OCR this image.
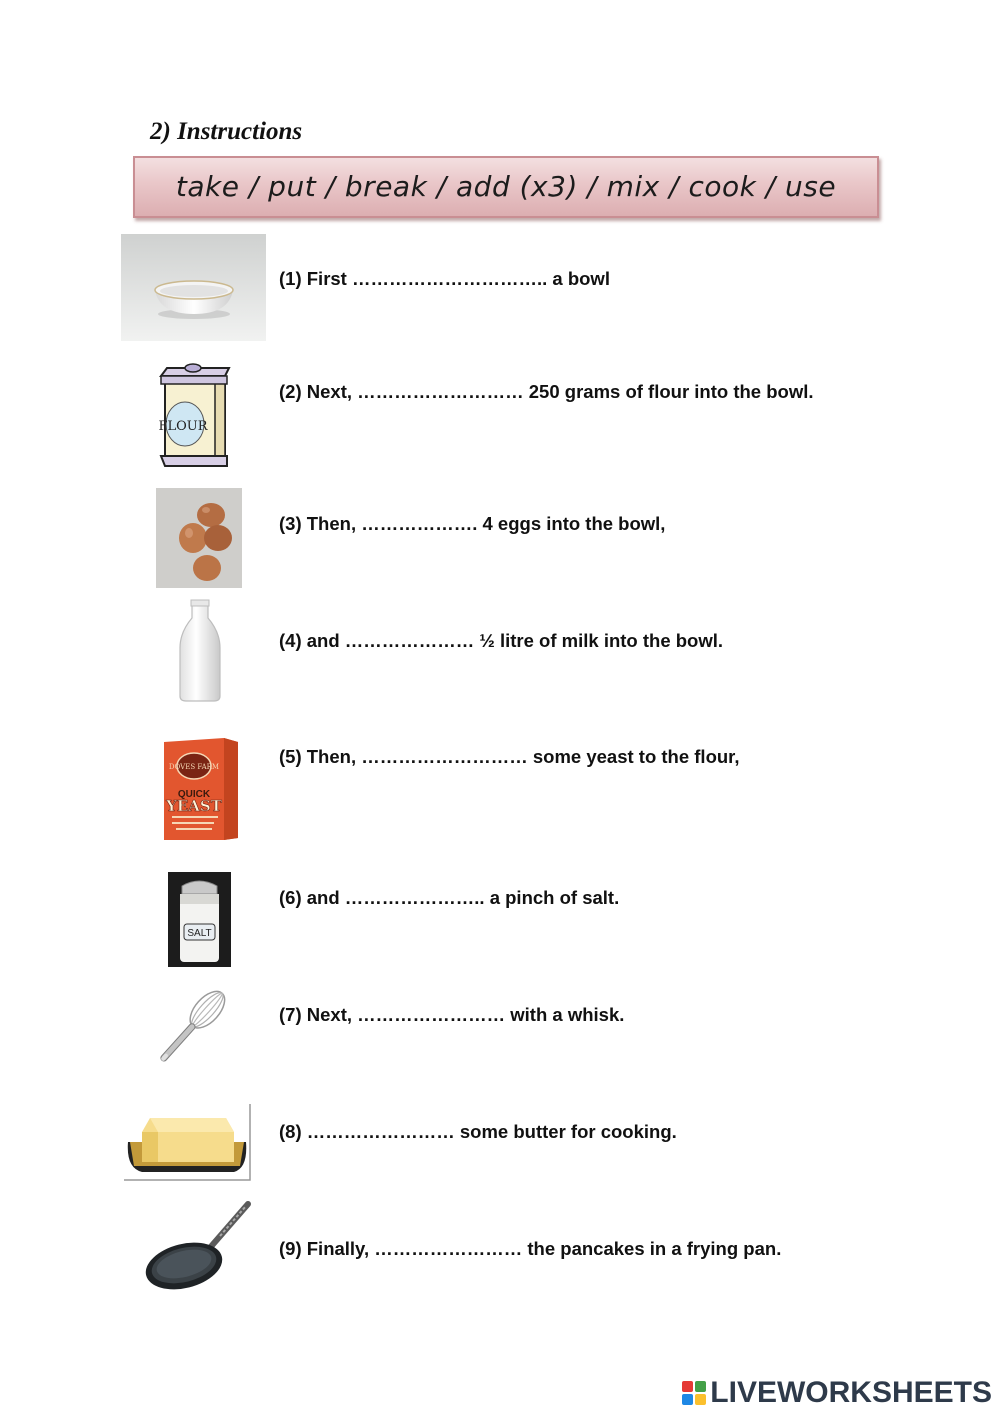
2) Instructions
take / put / break / add (x3) / mix / cook / use
(1) First ………………………….. a bowl
FLOUR
(2) Next, ……………………… 250 grams of flour into the bowl.
(3) Then, ………………. 4 eggs into the bowl,
(4) and ………………… ½ litre of milk into the bowl.
DOVES FARM
QUICK
YEAST
(5) Then, ……………………… some yeast to the flour,
SALT
(6) and ………………….. a pinch of salt.
(7) Next, …………………… with a whisk.
(8) …………………… some butter for cooking.
(9) Finally, …………………… the pancakes in a frying pan.
LIVEWORKSHEETS
